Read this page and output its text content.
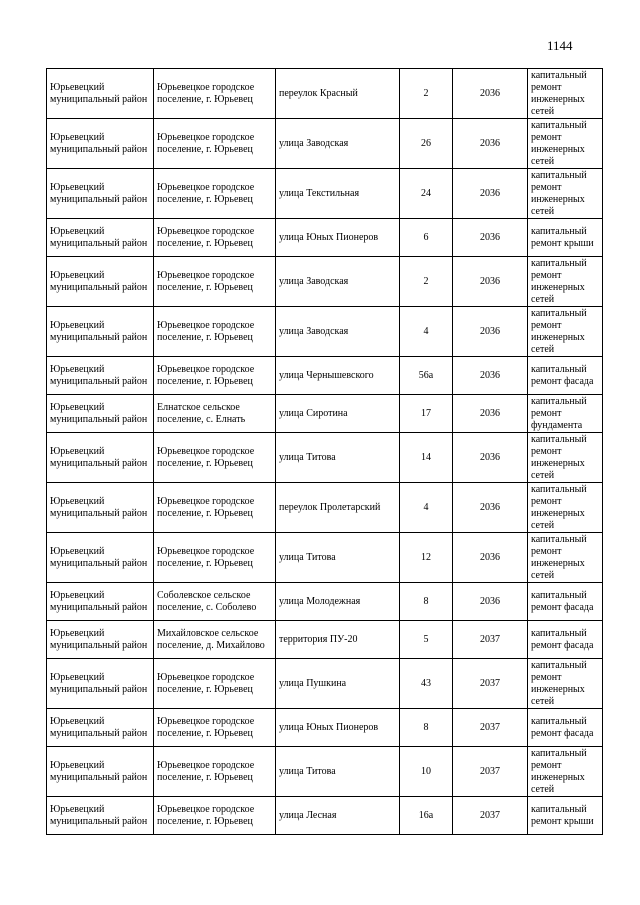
1144
Юрьевецкий муниципальный район	Юрьевецкое городское поселение, г. Юрьевец	переулок Красный	2	2036	капитальный ремонт инженерных сетей
Юрьевецкий муниципальный район	Юрьевецкое городское поселение, г. Юрьевец	улица Заводская	26	2036	капитальный ремонт инженерных сетей
Юрьевецкий муниципальный район	Юрьевецкое городское поселение, г. Юрьевец	улица Текстильная	24	2036	капитальный ремонт инженерных сетей
Юрьевецкий муниципальный район	Юрьевецкое городское поселение, г. Юрьевец	улица Юных Пионеров	6	2036	капитальный ремонт крыши
Юрьевецкий муниципальный район	Юрьевецкое городское поселение, г. Юрьевец	улица Заводская	2	2036	капитальный ремонт инженерных сетей
Юрьевецкий муниципальный район	Юрьевецкое городское поселение, г. Юрьевец	улица Заводская	4	2036	капитальный ремонт инженерных сетей
Юрьевецкий муниципальный район	Юрьевецкое городское поселение, г. Юрьевец	улица Чернышевского	56а	2036	капитальный ремонт фасада
Юрьевецкий муниципальный район	Елнатское сельское поселение, с. Елнать	улица Сиротина	17	2036	капитальный ремонт фундамента
Юрьевецкий муниципальный район	Юрьевецкое городское поселение, г. Юрьевец	улица Титова	14	2036	капитальный ремонт инженерных сетей
Юрьевецкий муниципальный район	Юрьевецкое городское поселение, г. Юрьевец	переулок Пролетарский	4	2036	капитальный ремонт инженерных сетей
Юрьевецкий муниципальный район	Юрьевецкое городское поселение, г. Юрьевец	улица Титова	12	2036	капитальный ремонт инженерных сетей
Юрьевецкий муниципальный район	Соболевское сельское поселение, с. Соболево	улица Молодежная	8	2036	капитальный ремонт фасада
Юрьевецкий муниципальный район	Михайловское сельское поселение, д. Михайлово	территория ПУ-20	5	2037	капитальный ремонт фасада
Юрьевецкий муниципальный район	Юрьевецкое городское поселение, г. Юрьевец	улица Пушкина	43	2037	капитальный ремонт инженерных сетей
Юрьевецкий муниципальный район	Юрьевецкое городское поселение, г. Юрьевец	улица Юных Пионеров	8	2037	капитальный ремонт фасада
Юрьевецкий муниципальный район	Юрьевецкое городское поселение, г. Юрьевец	улица Титова	10	2037	капитальный ремонт инженерных сетей
Юрьевецкий муниципальный район	Юрьевецкое городское поселение, г. Юрьевец	улица Лесная	16а	2037	капитальный ремонт крыши
